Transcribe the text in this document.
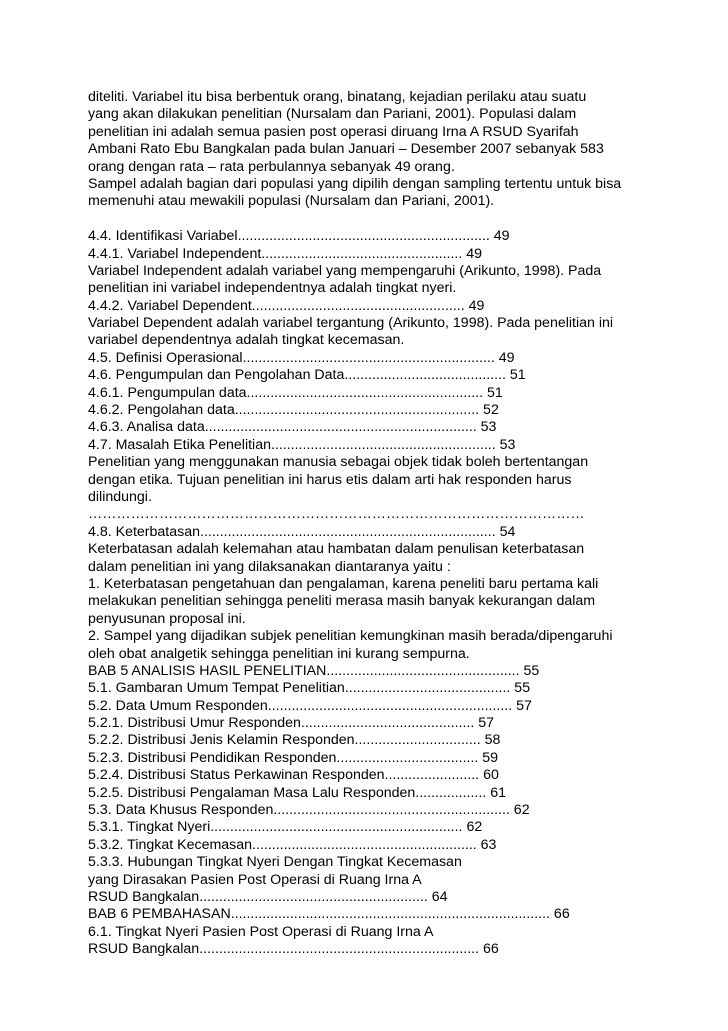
diteliti. Variabel itu bisa berbentuk orang, binatang, kejadian perilaku atau suatu
yang akan dilakukan penelitian (Nursalam dan Pariani, 2001). Populasi dalam
penelitian ini adalah semua pasien post operasi diruang Irna A RSUD Syarifah
Ambani Rato Ebu Bangkalan pada bulan Januari – Desember 2007 sebanyak 583
orang dengan rata – rata perbulannya sebanyak 49 orang.
Sampel adalah bagian dari populasi yang dipilih dengan sampling tertentu untuk bisa
memenuhi atau mewakili populasi (Nursalam dan Pariani, 2001).
4.4. Identifikasi Variabel................................................................ 49
4.4.1. Variabel Independent................................................... 49
Variabel Independent adalah variabel yang mempengaruhi (Arikunto, 1998). Pada
penelitian ini variabel independentnya adalah tingkat nyeri.
4.4.2. Variabel Dependent...................................................... 49
Variabel Dependent adalah variabel tergantung (Arikunto, 1998). Pada penelitian ini
variabel dependentnya adalah tingkat kecemasan.
4.5. Definisi Operasional................................................................ 49
4.6. Pengumpulan dan Pengolahan Data......................................... 51
4.6.1. Pengumpulan data............................................................ 51
4.6.2. Pengolahan data.............................................................. 52
4.6.3. Analisa data..................................................................... 53
4.7. Masalah Etika Penelitian......................................................... 53
Penelitian yang menggunakan manusia sebagai objek tidak boleh bertentangan
dengan etika. Tujuan penelitian ini harus etis dalam arti hak responden harus
dilindungi.
……………………………………………………………………………………………
4.8. Keterbatasan........................................................................... 54
Keterbatasan adalah kelemahan atau hambatan dalam penulisan keterbatasan
dalam penelitian ini yang dilaksanakan diantaranya yaitu :
1. Keterbatasan pengetahuan dan pengalaman, karena peneliti baru pertama kali
melakukan penelitian sehingga peneliti merasa masih banyak kekurangan dalam
penyusunan proposal ini.
2. Sampel yang dijadikan subjek penelitian kemungkinan masih berada/dipengaruhi
oleh obat analgetik sehingga penelitian ini kurang sempurna.
BAB 5 ANALISIS HASIL PENELITIAN................................................. 55
5.1. Gambaran Umum Tempat Penelitian.......................................... 55
5.2. Data Umum Responden.............................................................. 57
5.2.1. Distribusi Umur Responden............................................ 57
5.2.2. Distribusi Jenis Kelamin Responden................................ 58
5.2.3. Distribusi Pendidikan Responden.................................... 59
5.2.4. Distribusi Status Perkawinan Responden........................ 60
5.2.5. Distribusi Pengalaman Masa Lalu Responden.................. 61
5.3. Data Khusus Responden............................................................ 62
5.3.1. Tingkat Nyeri................................................................ 62
5.3.2. Tingkat Kecemasan......................................................... 63
5.3.3. Hubungan Tingkat Nyeri Dengan Tingkat Kecemasan
yang Dirasakan Pasien Post Operasi di Ruang Irna A
RSUD Bangkalan.......................................................... 64
BAB 6 PEMBAHASAN................................................................................. 66
6.1. Tingkat Nyeri Pasien Post Operasi di Ruang Irna A
RSUD Bangkalan....................................................................... 66
